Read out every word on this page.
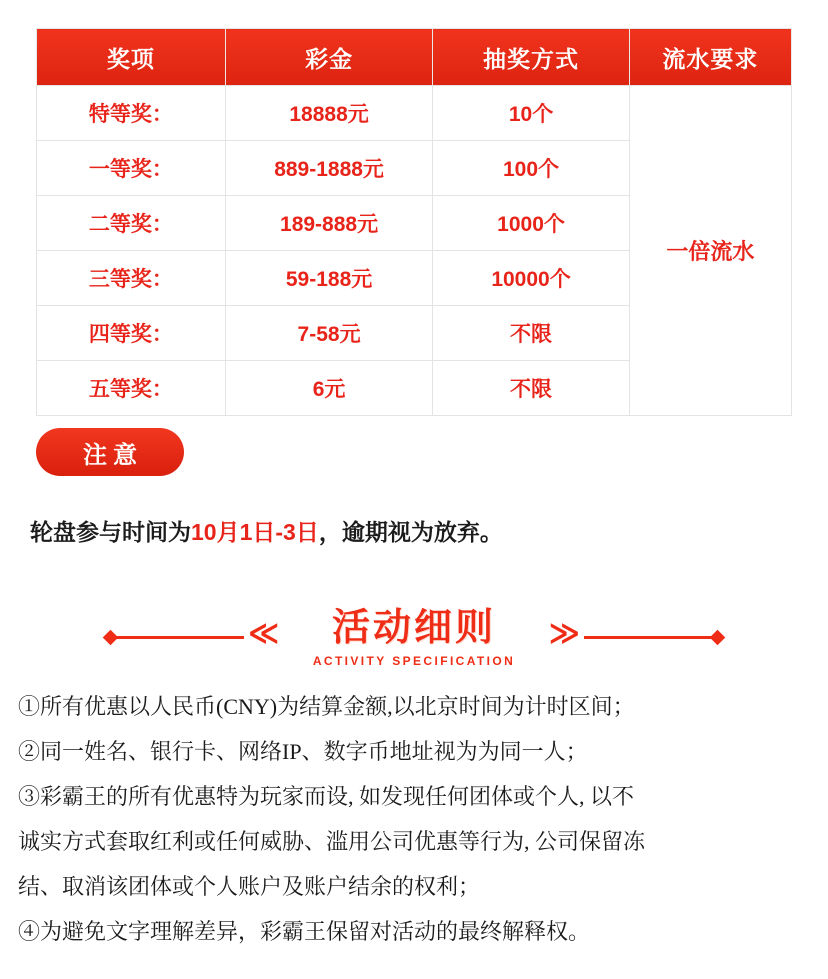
奖项	彩金	抽奖方式	流水要求
特等奖：	18888元	10个	一倍流水
一等奖：	889-1888元	100个	
二等奖：	189-888元	1000个	
三等奖：	59-188元	10000个	
四等奖：	7-58元	不限	
五等奖：	6元	不限	
注意
轮盘参与时间为10月1日-3日，逾期视为放弃。
≪	活动细则
ACTIVITY SPECIFICATION
≫

①所有优惠以人民币(CNY)为结算金额,以北京时间为计时区间；

②同一姓名、银行卡、网络IP、数字币地址视为为同一人；

③彩霸王的所有优惠特为玩家而设, 如发现任何团体或个人, 以不

诚实方式套取红利或任何威胁、滥用公司优惠等行为, 公司保留冻

结、取消该团体或个人账户及账户结余的权利；

④为避免文字理解差异，彩霸王保留对活动的最终解释权。
